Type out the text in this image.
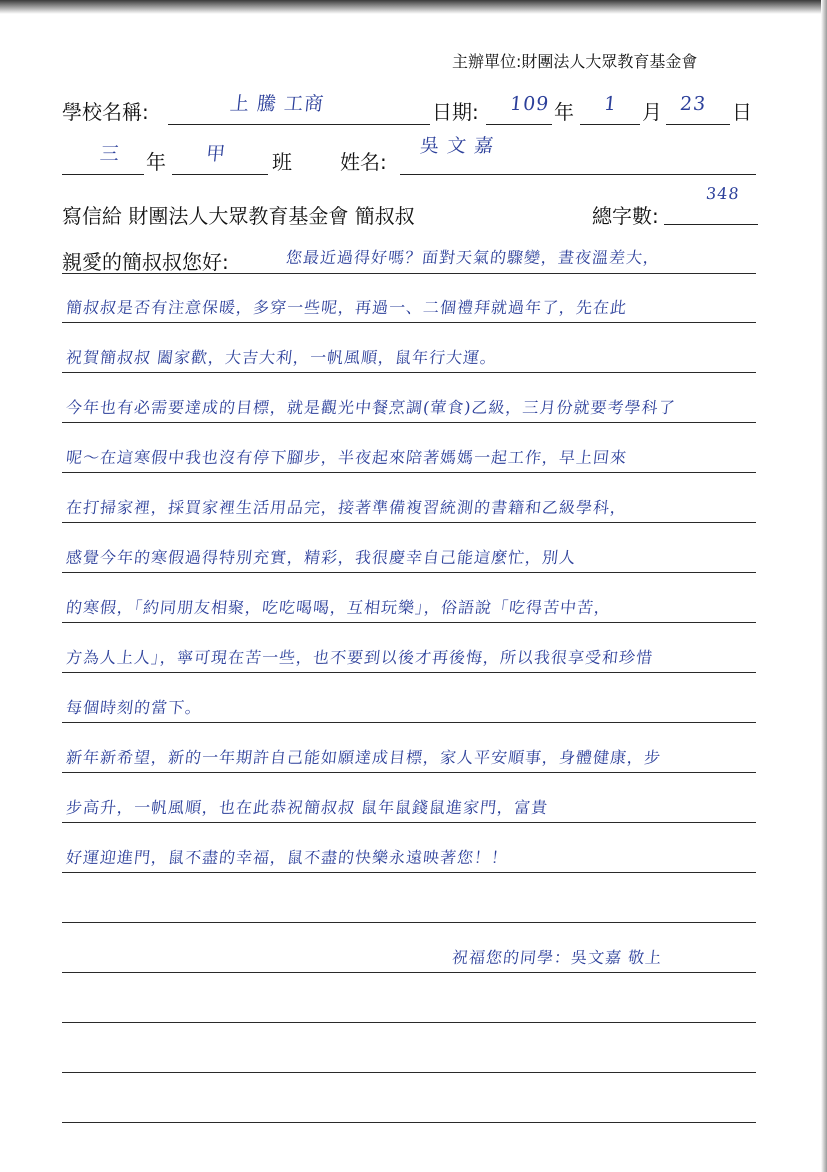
主辦單位:財團法人大眾教育基金會
學校名稱:	上 騰 工商	日期: 109 年 1 月 23 日
三 年 甲 班 姓名:
吳 文 嘉
寫信給 財團法人大眾教育基金會 簡叔叔	總字數:
348
親愛的簡叔叔您好:	您最近過得好嗎？面對天氣的驟變，晝夜溫差大，
簡叔叔是否有注意保暖，多穿一些呢，再過一、二個禮拜就過年了，先在此
祝賀簡叔叔 闔家歡，大吉大利，一帆風順，鼠年行大運。
今年也有必需要達成的目標，就是觀光中餐烹調(葷食)乙級，三月份就要考學科了
呢～在這寒假中我也沒有停下腳步，半夜起來陪著媽媽一起工作，早上回來
在打掃家裡，採買家裡生活用品完，接著準備複習統測的書籍和乙級學科，
感覺今年的寒假過得特別充實，精彩，我很慶幸自己能這麼忙，別人
的寒假，「約同朋友相聚，吃吃喝喝，互相玩樂」，俗語說「吃得苦中苦，
方為人上人」，寧可現在苦一些，也不要到以後才再後悔，所以我很享受和珍惜
每個時刻的當下。
新年新希望，新的一年期許自己能如願達成目標，家人平安順事，身體健康，步
步高升，一帆風順，也在此恭祝簡叔叔 鼠年鼠錢鼠進家門，富貴
好運迎進門，鼠不盡的幸福，鼠不盡的快樂永遠映著您！！
祝福您的同學：吳文嘉 敬上
